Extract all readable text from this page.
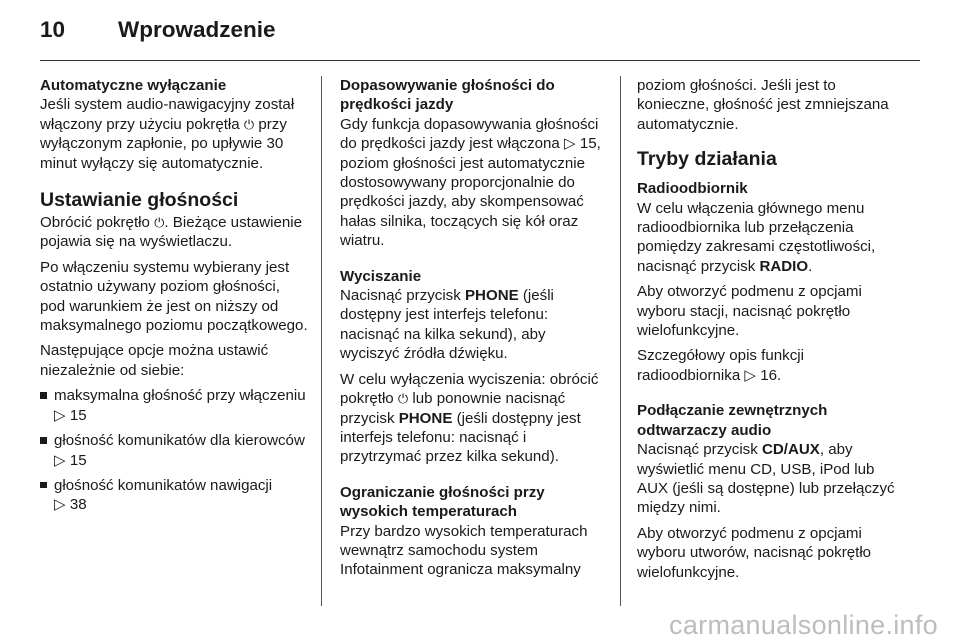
10 Wprowadzenie
Automatyczne wyłączanie
Jeśli system audio-nawigacyjny został włączony przy użyciu pokrętła ⏻ przy wyłączonym zapłonie, po upływie 30 minut wyłączy się automatycznie.
Ustawianie głośności
Obrócić pokrętło ⏻. Bieżące ustawienie pojawia się na wyświetlaczu.
Po włączeniu systemu wybierany jest ostatnio używany poziom głośności, pod warunkiem że jest on niższy od maksymalnego poziomu początkowego.
Następujące opcje można ustawić niezależnie od siebie:
maksymalna głośność przy włączeniu ▷ 15
głośność komunikatów dla kierowców ▷ 15
głośność komunikatów nawigacji
▷ 38
Dopasowywanie głośności do prędkości jazdy
Gdy funkcja dopasowywania głośności do prędkości jazdy jest włączona ▷ 15, poziom głośności jest automatycznie dostosowywany proporcjonalnie do prędkości jazdy, aby skompensować hałas silnika, toczących się kół oraz wiatru.
Wyciszanie
Nacisnąć przycisk PHONE (jeśli dostępny jest interfejs telefonu: nacisnąć na kilka sekund), aby wyciszyć źródła dźwięku.
W celu wyłączenia wyciszenia: obrócić pokrętło ⏻ lub ponownie nacisnąć przycisk PHONE (jeśli dostępny jest interfejs telefonu: nacisnąć i przytrzymać przez kilka sekund).
Ograniczanie głośności przy wysokich temperaturach
Przy bardzo wysokich temperaturach wewnątrz samochodu system Infotainment ogranicza maksymalny
poziom głośności. Jeśli jest to konieczne, głośność jest zmniejszana automatycznie.
Tryby działania
Radioodbiornik
W celu włączenia głównego menu radioodbiornika lub przełączenia pomiędzy zakresami częstotliwości, nacisnąć przycisk RADIO.
Aby otworzyć podmenu z opcjami wyboru stacji, nacisnąć pokrętło wielofunkcyjne.
Szczegółowy opis funkcji radioodbiornika ▷ 16.
Podłączanie zewnętrznych odtwarzaczy audio
Nacisnąć przycisk CD/AUX, aby wyświetlić menu CD, USB, iPod lub AUX (jeśli są dostępne) lub przełączyć między nimi.
Aby otworzyć podmenu z opcjami wyboru utworów, nacisnąć pokrętło wielofunkcyjne.
carmanualsonline.info
